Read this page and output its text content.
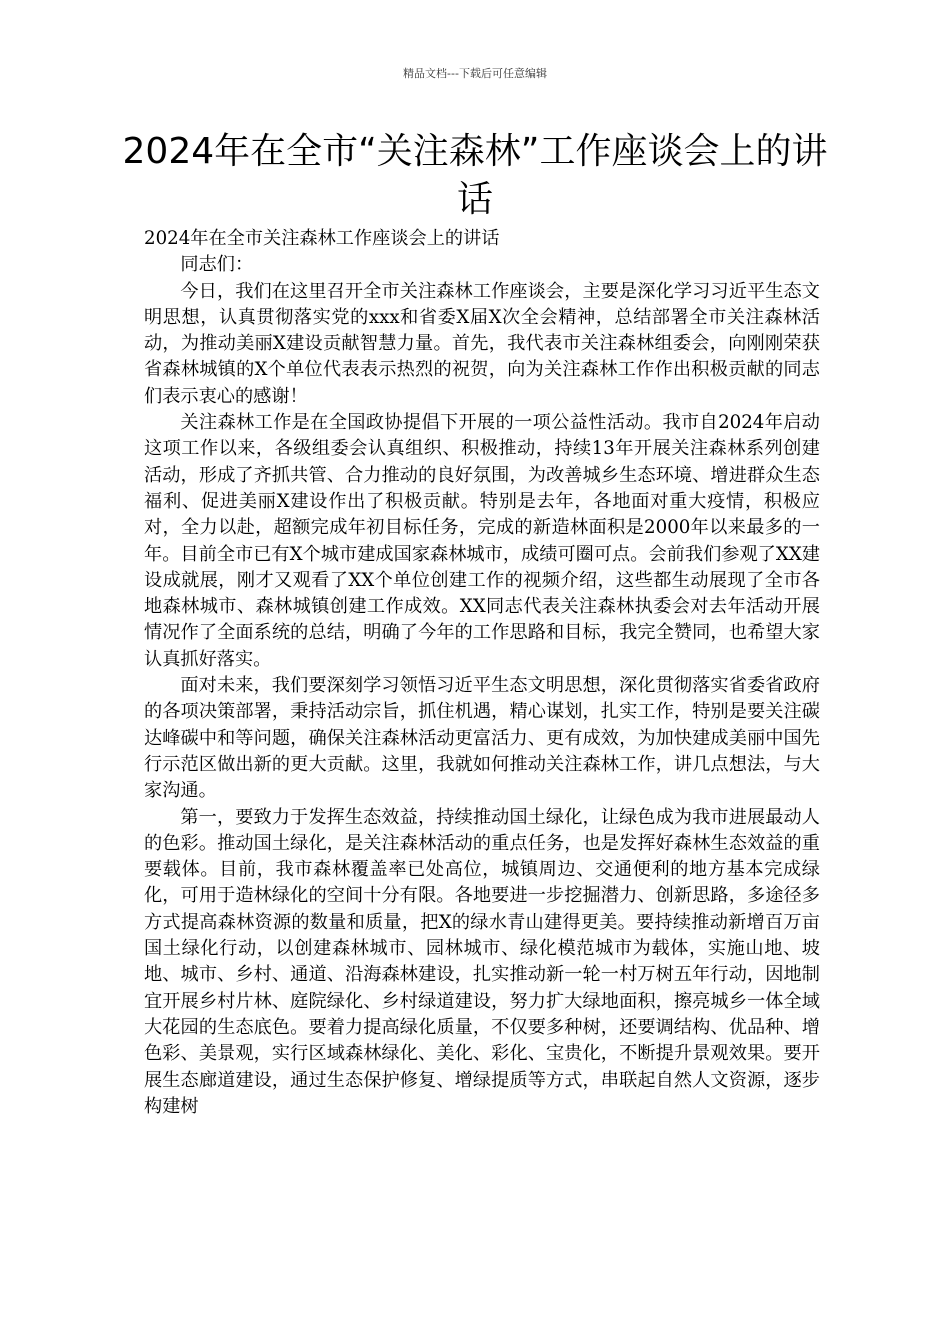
精品文档---下载后可任意编辑
2024年在全市“关注森林”工作座谈会上的讲话

2024年在全市关注森林工作座谈会上的讲话

同志们：

今日，我们在这里召开全市关注森林工作座谈会，主要是深化学习习近平生态文明思想，认真贯彻落实党的xxx和省委X届X次全会精神，总结部署全市关注森林活动，为推动美丽X建设贡献智慧力量。首先，我代表市关注森林组委会，向刚刚荣获省森林城镇的X个单位代表表示热烈的祝贺，向为关注森林工作作出积极贡献的同志们表示衷心的感谢！

关注森林工作是在全国政协提倡下开展的一项公益性活动。我市自2024年启动这项工作以来，各级组委会认真组织、积极推动，持续13年开展关注森林系列创建活动，形成了齐抓共管、合力推动的良好氛围，为改善城乡生态环境、增进群众生态福利、促进美丽X建设作出了积极贡献。特别是去年，各地面对重大疫情，积极应对，全力以赴，超额完成年初目标任务，完成的新造林面积是2000年以来最多的一年。目前全市已有X个城市建成国家森林城市，成绩可圈可点。会前我们参观了XX建设成就展，刚才又观看了XX个单位创建工作的视频介绍，这些都生动展现了全市各地森林城市、森林城镇创建工作成效。XX同志代表关注森林执委会对去年活动开展情况作了全面系统的总结，明确了今年的工作思路和目标，我完全赞同，也希望大家认真抓好落实。

面对未来，我们要深刻学习领悟习近平生态文明思想，深化贯彻落实省委省政府的各项决策部署，秉持活动宗旨，抓住机遇，精心谋划，扎实工作，特别是要关注碳达峰碳中和等问题，确保关注森林活动更富活力、更有成效，为加快建成美丽中国先行示范区做出新的更大贡献。这里，我就如何推动关注森林工作，讲几点想法，与大家沟通。

第一，要致力于发挥生态效益，持续推动国土绿化，让绿色成为我市进展最动人的色彩。推动国土绿化，是关注森林活动的重点任务，也是发挥好森林生态效益的重要载体。目前，我市森林覆盖率已处高位，城镇周边、交通便利的地方基本完成绿化，可用于造林绿化的空间十分有限。各地要进一步挖掘潜力、创新思路，多途径多方式提高森林资源的数量和质量，把X的绿水青山建得更美。要持续推动新增百万亩国土绿化行动，以创建森林城市、园林城市、绿化模范城市为载体，实施山地、坡地、城市、乡村、通道、沿海森林建设，扎实推动新一轮一村万树五年行动，因地制宜开展乡村片林、庭院绿化、乡村绿道建设，努力扩大绿地面积，擦亮城乡一体全域大花园的生态底色。要着力提高绿化质量，不仅要多种树，还要调结构、优品种、增色彩、美景观，实行区域森林绿化、美化、彩化、宝贵化，不断提升景观效果。要开展生态廊道建设，通过生态保护修复、增绿提质等方式，串联起自然人文资源，逐步构建树
